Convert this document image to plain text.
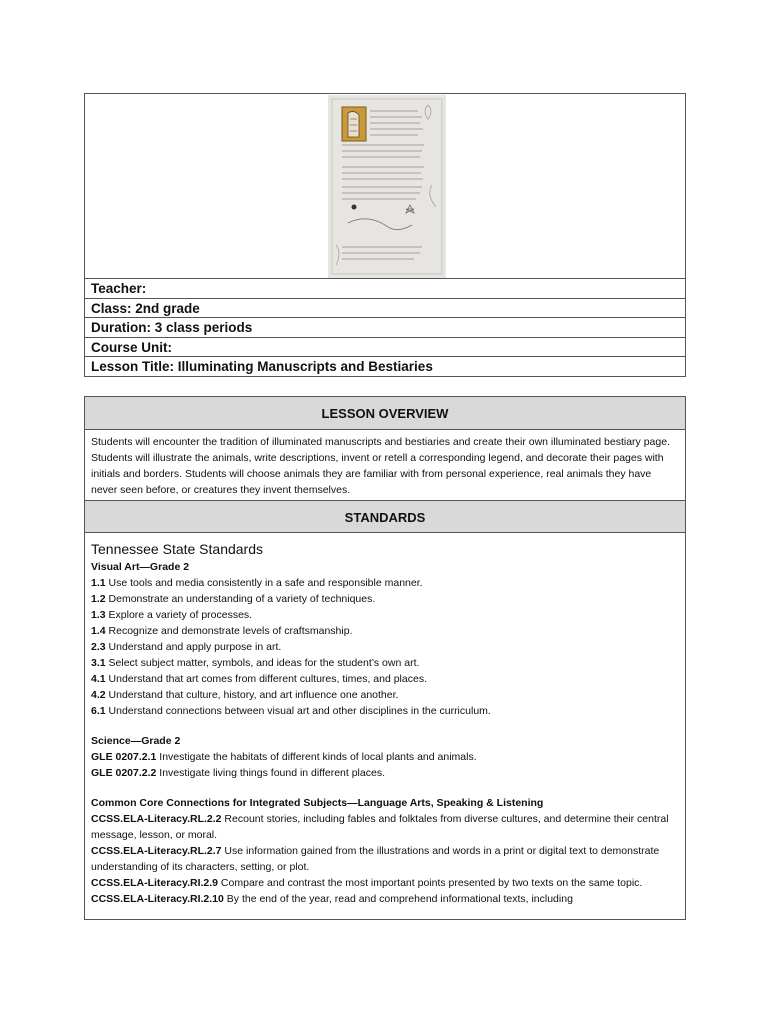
Teacher:
Class: 2nd grade
Duration: 3 class periods
Course Unit:
Lesson Title: Illuminating Manuscripts and Bestiaries
LESSON OVERVIEW
Students will encounter the tradition of illuminated manuscripts and bestiaries and create their own illuminated bestiary page. Students will illustrate the animals, write descriptions, invent or retell a corresponding legend, and decorate their pages with initials and borders. Students will choose animals they are familiar with from personal experience, real animals they have never seen before, or creatures they invent themselves.
STANDARDS
Tennessee State Standards
Visual Art—Grade 2
1.1 Use tools and media consistently in a safe and responsible manner.
1.2 Demonstrate an understanding of a variety of techniques.
1.3 Explore a variety of processes.
1.4 Recognize and demonstrate levels of craftsmanship.
2.3 Understand and apply purpose in art.
3.1 Select subject matter, symbols, and ideas for the student’s own art.
4.1 Understand that art comes from different cultures, times, and places.
4.2 Understand that culture, history, and art influence one another.
6.1 Understand connections between visual art and other disciplines in the curriculum.
Science—Grade 2
GLE 0207.2.1 Investigate the habitats of different kinds of local plants and animals.
GLE 0207.2.2 Investigate living things found in different places.
Common Core Connections for Integrated Subjects—Language Arts, Speaking & Listening
CCSS.ELA-Literacy.RL.2.2 Recount stories, including fables and folktales from diverse cultures, and determine their central message, lesson, or moral.
CCSS.ELA-Literacy.RL.2.7 Use information gained from the illustrations and words in a print or digital text to demonstrate understanding of its characters, setting, or plot.
CCSS.ELA-Literacy.RI.2.9 Compare and contrast the most important points presented by two texts on the same topic.
CCSS.ELA-Literacy.RI.2.10 By the end of the year, read and comprehend informational texts, including
